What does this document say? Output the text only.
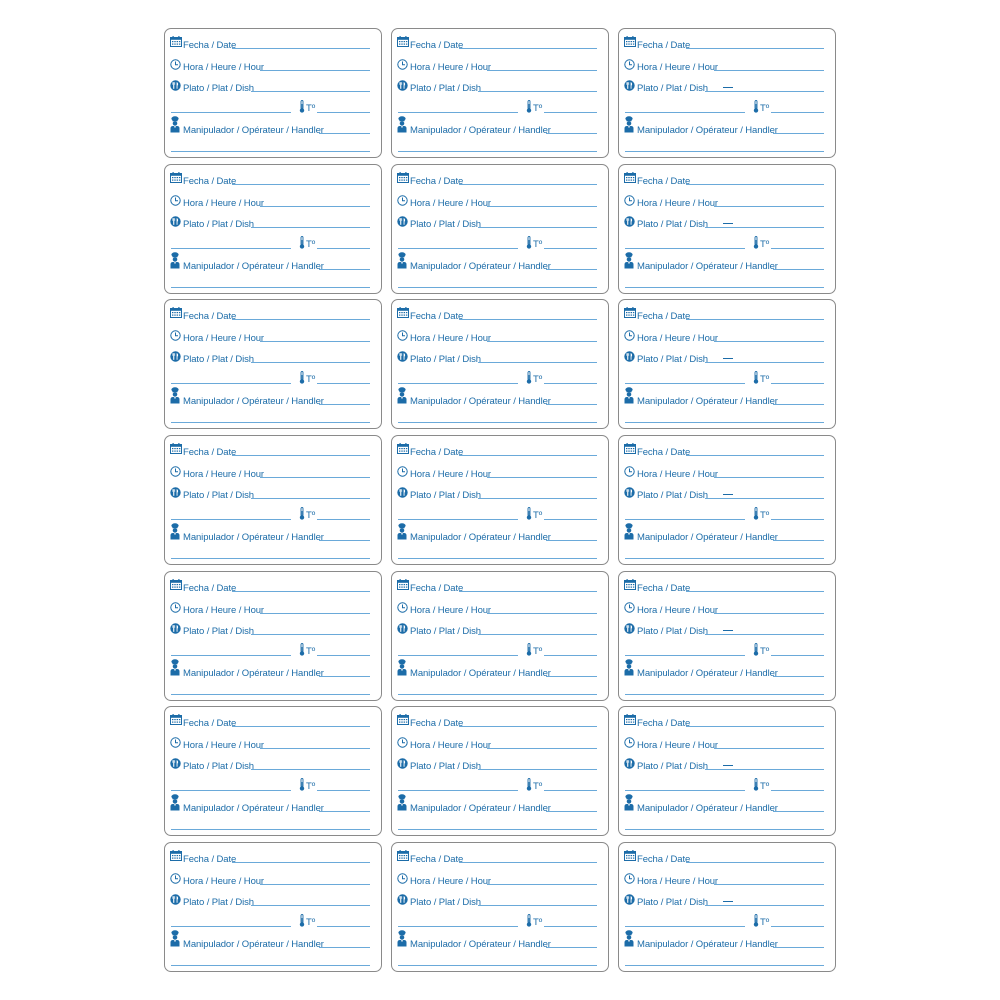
Fecha / Date
Hora / Heure / Hour
Plato / Plat / Dish
Tº
Manipulador / Opérateur / Handler
Fecha / Date
Hora / Heure / Hour
Plato / Plat / Dish
Tº
Manipulador / Opérateur / Handler
Fecha / Date
Hora / Heure / Hour
Plato / Plat / Dish
Tº
Manipulador / Opérateur / Handler
Fecha / Date
Hora / Heure / Hour
Plato / Plat / Dish
Tº
Manipulador / Opérateur / Handler
Fecha / Date
Hora / Heure / Hour
Plato / Plat / Dish
Tº
Manipulador / Opérateur / Handler
Fecha / Date
Hora / Heure / Hour
Plato / Plat / Dish
Tº
Manipulador / Opérateur / Handler
Fecha / Date
Hora / Heure / Hour
Plato / Plat / Dish
Tº
Manipulador / Opérateur / Handler
Fecha / Date
Hora / Heure / Hour
Plato / Plat / Dish
Tº
Manipulador / Opérateur / Handler
Fecha / Date
Hora / Heure / Hour
Plato / Plat / Dish
Tº
Manipulador / Opérateur / Handler
Fecha / Date
Hora / Heure / Hour
Plato / Plat / Dish
Tº
Manipulador / Opérateur / Handler
Fecha / Date
Hora / Heure / Hour
Plato / Plat / Dish
Tº
Manipulador / Opérateur / Handler
Fecha / Date
Hora / Heure / Hour
Plato / Plat / Dish
Tº
Manipulador / Opérateur / Handler
Fecha / Date
Hora / Heure / Hour
Plato / Plat / Dish
Tº
Manipulador / Opérateur / Handler
Fecha / Date
Hora / Heure / Hour
Plato / Plat / Dish
Tº
Manipulador / Opérateur / Handler
Fecha / Date
Hora / Heure / Hour
Plato / Plat / Dish
Tº
Manipulador / Opérateur / Handler
Fecha / Date
Hora / Heure / Hour
Plato / Plat / Dish
Tº
Manipulador / Opérateur / Handler
Fecha / Date
Hora / Heure / Hour
Plato / Plat / Dish
Tº
Manipulador / Opérateur / Handler
Fecha / Date
Hora / Heure / Hour
Plato / Plat / Dish
Tº
Manipulador / Opérateur / Handler
Fecha / Date
Hora / Heure / Hour
Plato / Plat / Dish
Tº
Manipulador / Opérateur / Handler
Fecha / Date
Hora / Heure / Hour
Plato / Plat / Dish
Tº
Manipulador / Opérateur / Handler
Fecha / Date
Hora / Heure / Hour
Plato / Plat / Dish
Tº
Manipulador / Opérateur / Handler
